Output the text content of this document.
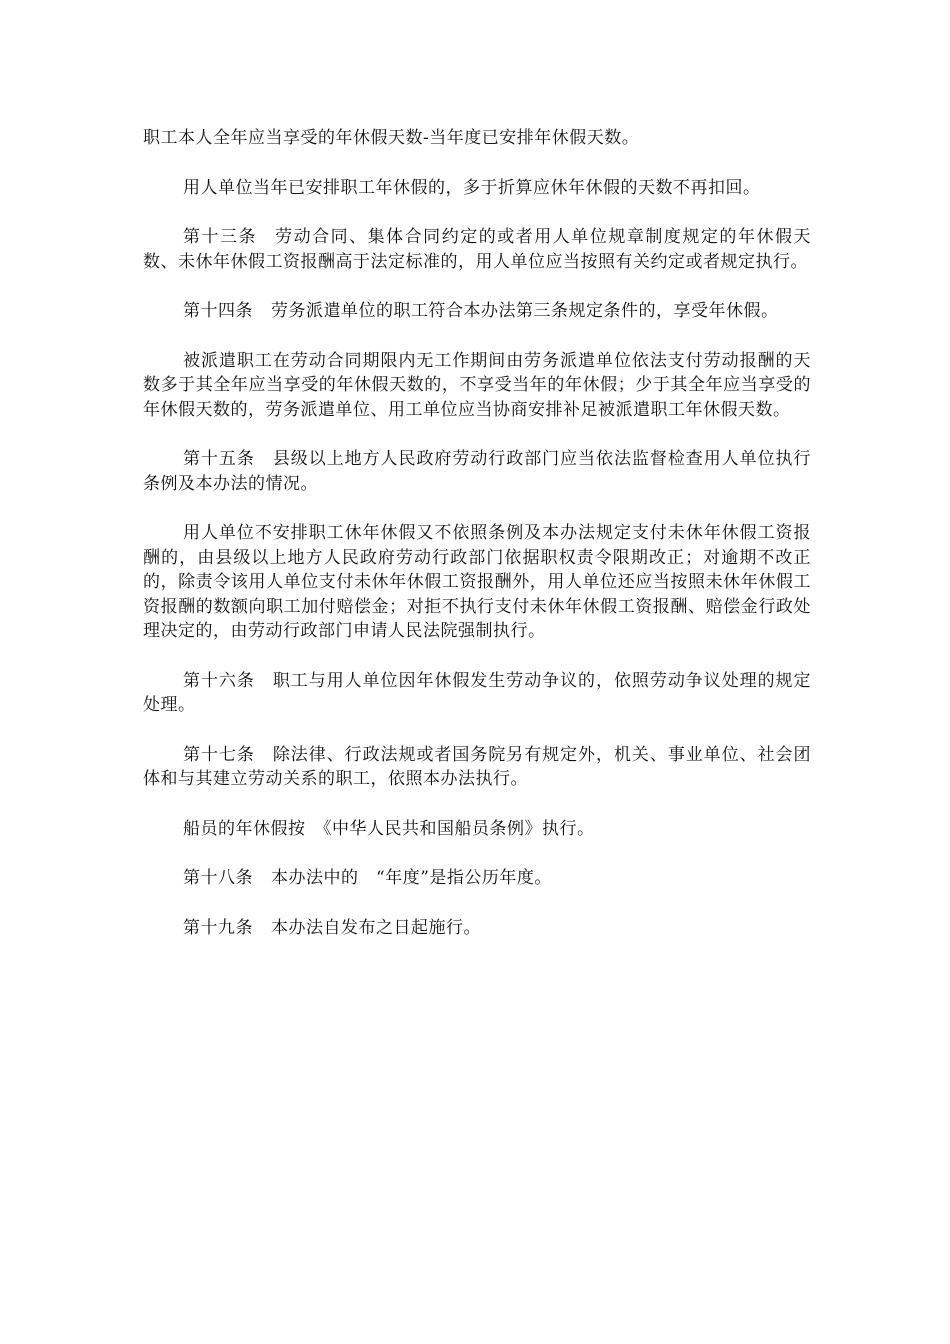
职工本人全年应当享受的年休假天数-当年度已安排年休假天数。

用人单位当年已安排职工年休假的，多于折算应休年休假的天数不再扣回。

第十三条 劳动合同、集体合同约定的或者用人单位规章制度规定的年休假天数、未休年休假工资报酬高于法定标准的，用人单位应当按照有关约定或者规定执行。

第十四条 劳务派遣单位的职工符合本办法第三条规定条件的，享受年休假。

被派遣职工在劳动合同期限内无工作期间由劳务派遣单位依法支付劳动报酬的天数多于其全年应当享受的年休假天数的，不享受当年的年休假；少于其全年应当享受的年休假天数的，劳务派遣单位、用工单位应当协商安排补足被派遣职工年休假天数。

第十五条 县级以上地方人民政府劳动行政部门应当依法监督检查用人单位执行条例及本办法的情况。

用人单位不安排职工休年休假又不依照条例及本办法规定支付未休年休假工资报酬的，由县级以上地方人民政府劳动行政部门依据职权责令限期改正；对逾期不改正的，除责令该用人单位支付未休年休假工资报酬外，用人单位还应当按照未休年休假工资报酬的数额向职工加付赔偿金；对拒不执行支付未休年休假工资报酬、赔偿金行政处理决定的，由劳动行政部门申请人民法院强制执行。

第十六条 职工与用人单位因年休假发生劳动争议的，依照劳动争议处理的规定处理。

第十七条 除法律、行政法规或者国务院另有规定外，机关、事业单位、社会团体和与其建立劳动关系的职工，依照本办法执行。

船员的年休假按　《中华人民共和国船员条例》执行。

第十八条 本办法中的　“年度”是指公历年度。

第十九条 本办法自发布之日起施行。
